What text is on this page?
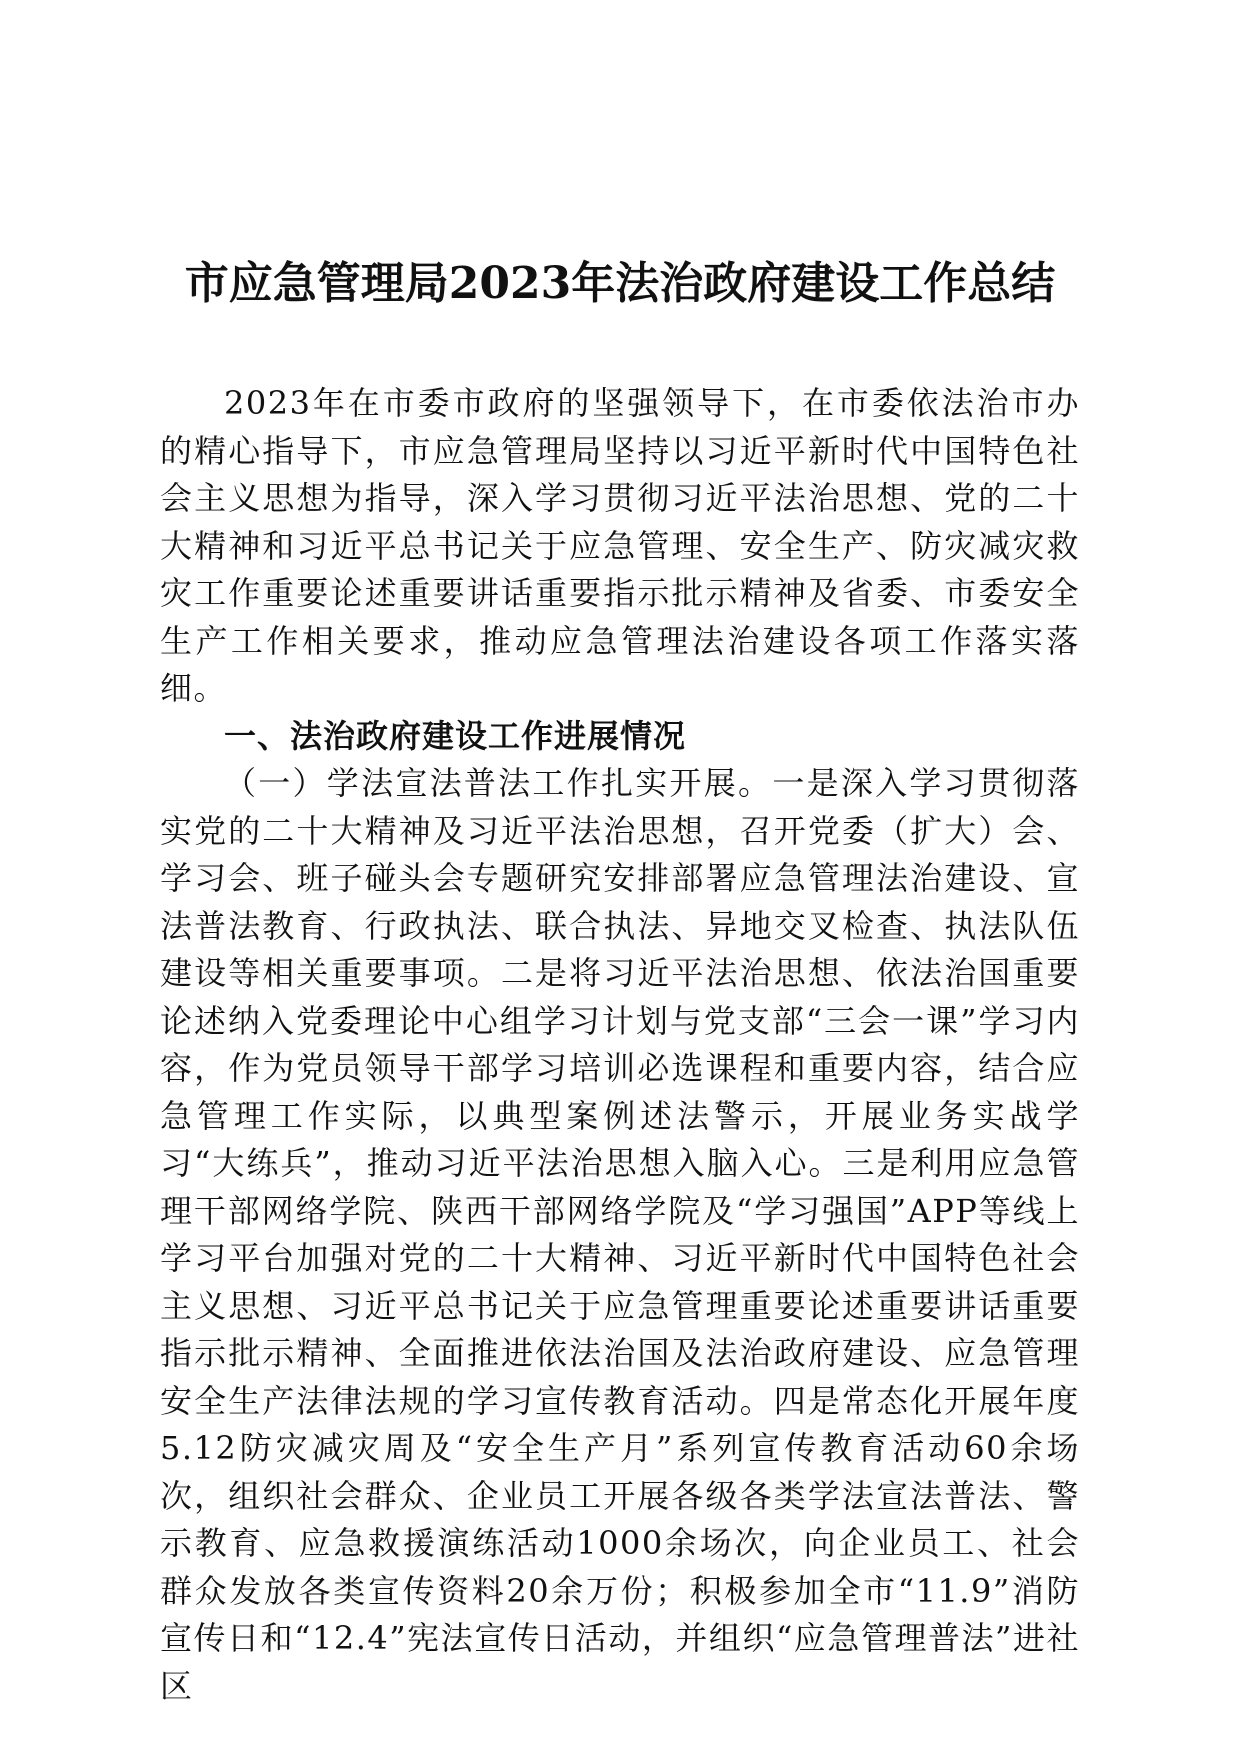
市应急管理局2023年法治政府建设工作总结

2023年在市委市政府的坚强领导下，在市委依法治市办的精心指导下，市应急管理局坚持以习近平新时代中国特色社会主义思想为指导，深入学习贯彻习近平法治思想、党的二十大精神和习近平总书记关于应急管理、安全生产、防灾减灾救灾工作重要论述重要讲话重要指示批示精神及省委、市委安全生产工作相关要求，推动应急管理法治建设各项工作落实落细。

一、法治政府建设工作进展情况

（一）学法宣法普法工作扎实开展。一是深入学习贯彻落实党的二十大精神及习近平法治思想，召开党委（扩大）会、学习会、班子碰头会专题研究安排部署应急管理法治建设、宣法普法教育、行政执法、联合执法、异地交叉检查、执法队伍建设等相关重要事项。二是将习近平法治思想、依法治国重要论述纳入党委理论中心组学习计划与党支部“三会一课”学习内容，作为党员领导干部学习培训必选课程和重要内容，结合应急管理工作实际，以典型案例述法警示，开展业务实战学习“大练兵”，推动习近平法治思想入脑入心。三是利用应急管理干部网络学院、陕西干部网络学院及“学习强国”APP等线上学习平台加强对党的二十大精神、习近平新时代中国特色社会主义思想、习近平总书记关于应急管理重要论述重要讲话重要指示批示精神、全面推进依法治国及法治政府建设、应急管理安全生产法律法规的学习宣传教育活动。四是常态化开展年度5.12防灾减灾周及“安全生产月”系列宣传教育活动60余场次，组织社会群众、企业员工开展各级各类学法宣法普法、警示教育、应急救援演练活动1000余场次，向企业员工、社会群众发放各类宣传资料20余万份；积极参加全市“11.9”消防宣传日和“12.4”宪法宣传日活动，并组织“应急管理普法”进社区
